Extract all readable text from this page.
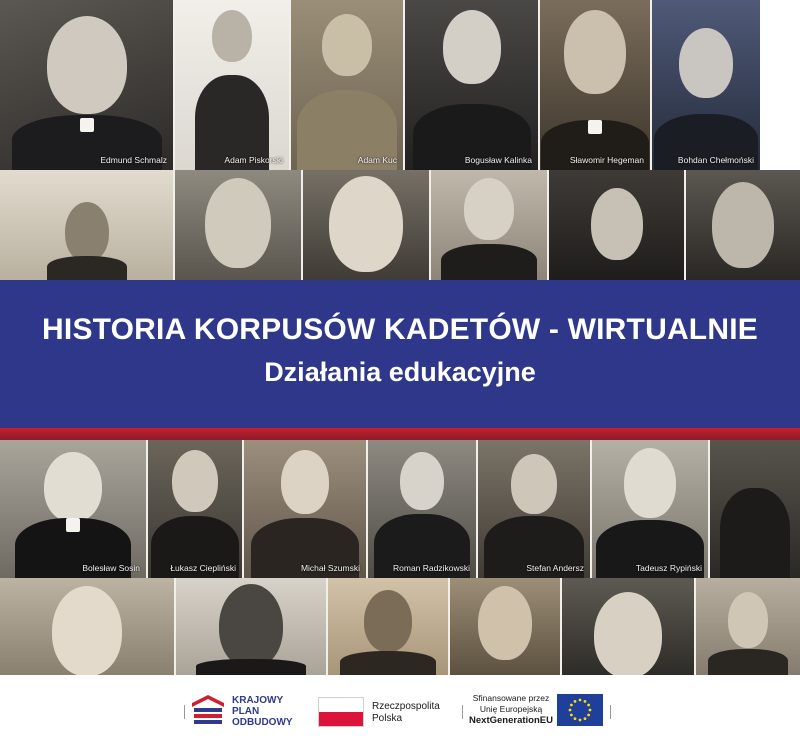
Edmund Schmalz	Adam Piskorski	Adam Kuc	Bogusław Kalinka	Sławomir Hegeman	Bohdan Chełmoński
HISTORIA KORPUSÓW KADETÓW - WIRTUALNIE
Działania edukacyjne
Bolesław Sosin	Łukasz Ciepliński	Michał Szumski	Roman Radzikowski	Stefan Andersz	Tadeusz Rypiński
KRAJOWY
PLAN
ODBUDOWY
Rzeczpospolita
Polska
Sfinansowane przez
Unię Europejską
NextGenerationEU
